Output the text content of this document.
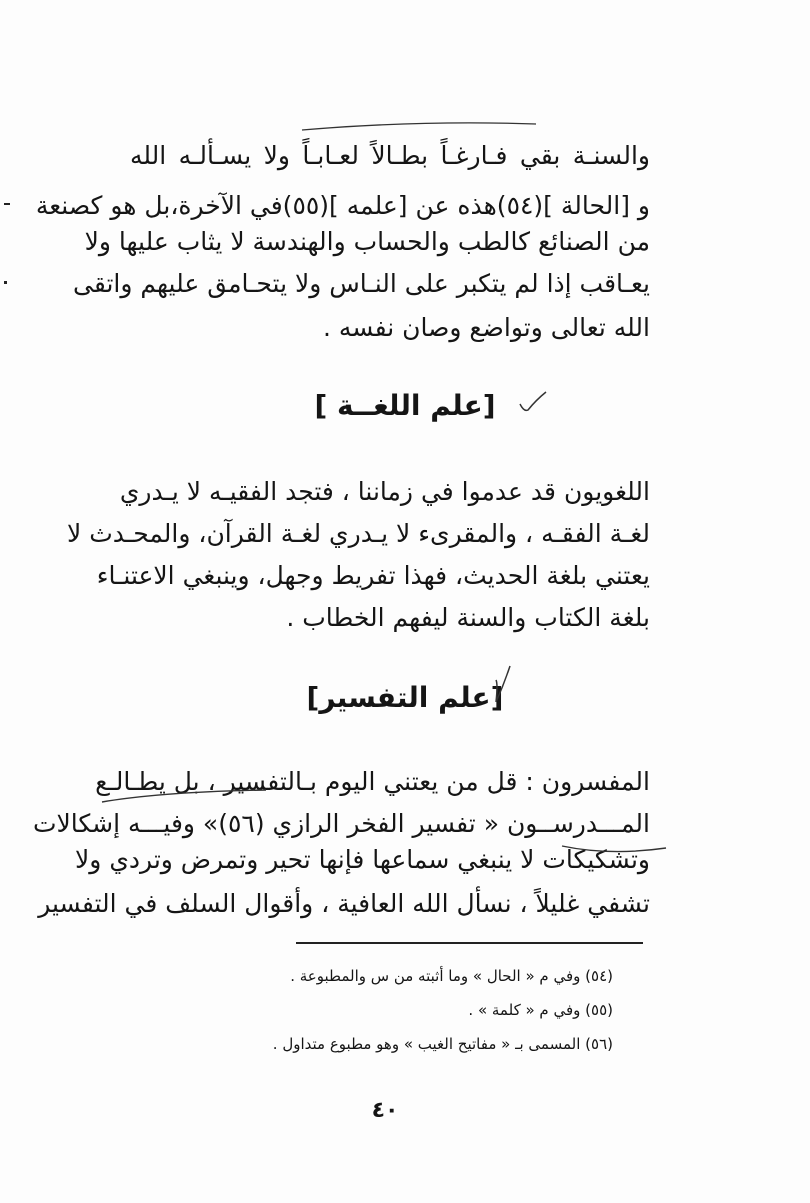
والسنـة بقي فـارغـاً بطـالاً لعـابـاً ولا يسـألـه الله
و [الحالة ](٥٤)هذه عن [علمه ](٥٥)في الآخرة،بل هو كصنعة
من الصنائع كالطب والحساب والهندسة لا يثاب عليها ولا
يعـاقب إذا لم يتكبر على النـاس ولا يتحـامق عليهم واتقى
الله تعالى وتواضع وصان نفسه .
[علم اللغــة ]
اللغويون قد عدموا في زماننا ، فتجد الفقيـه لا يـدري
لغـة الفقـه ، والمقرىء لا يـدري لغـة القرآن، والمحـدث لا
يعتني بلغة الحديث، فهذا تفريط وجهل، وينبغي الاعتنـاء
بلغة الكتاب والسنة ليفهم الخطاب .
[علم التفسير]
المفسرون : قل من يعتني اليوم بـالتفسير ، بل يطـالـع
المـــدرســون « تفسير الفخر الرازي (٥٦)» وفيـــه إشكالات
وتشكيكات لا ينبغي سماعها فإنها تحير وتمرض وتردي ولا
تشفي غليلاً ، نسأل الله العافية ، وأقوال السلف في التفسير
(٥٤) وفي م « الحال » وما أثبته من س والمطبوعة .
(٥٥) وفي م « كلمة » .
(٥٦) المسمى بـ « مفاتيح الغيب » وهو مطبوع متداول .
٤٠
